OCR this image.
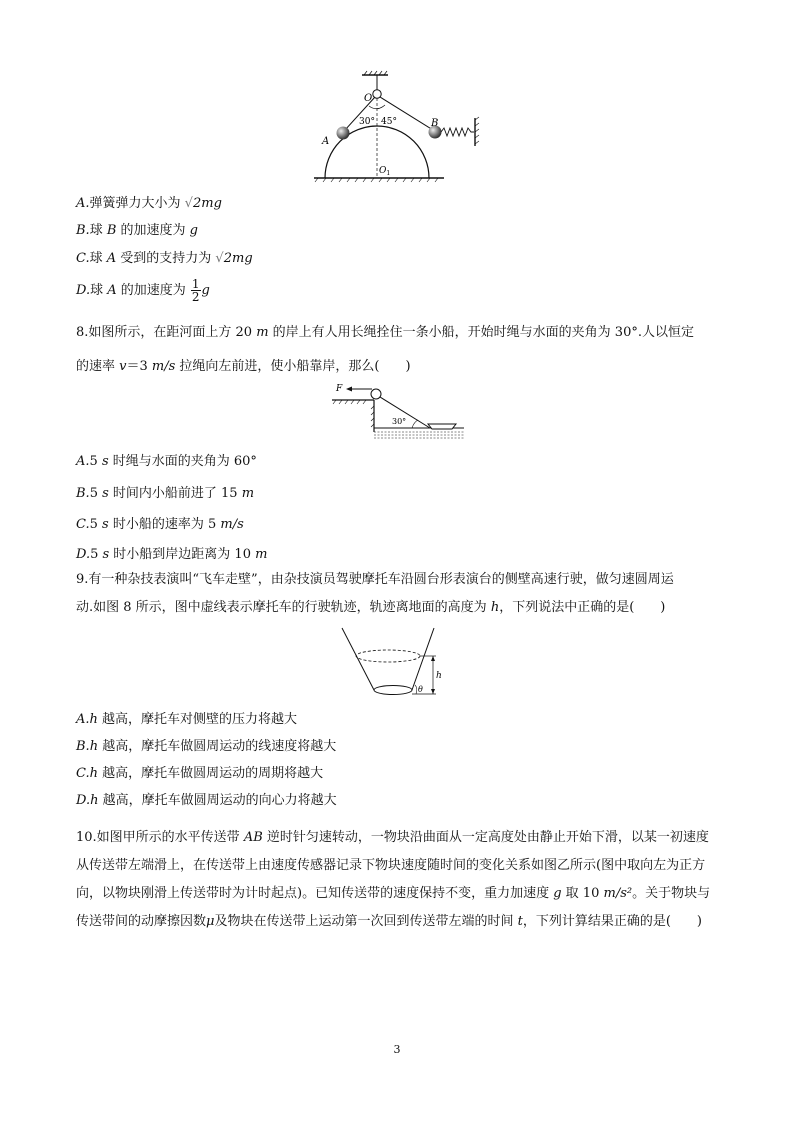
O
A
B
30° 45°
$O_1$
A.弹簧弹力大小为 √2mg
B.球 B 的加速度为 g
C.球 A 受到的支持力为 √2mg
D.球 A 的加速度为 $\frac{1}{2}$ g
8.如图所示，在距河面上方 20 m 的岸上有人用长绳拴住一条小船，开始时绳与水面的夹角为 30°.人以恒定
的速率 v＝3 m/s 拉绳向左前进，使小船靠岸，那么(　　)
F
30°
A.5 s 时绳与水面的夹角为 60°
B.5 s 时间内小船前进了 15 m
C.5 s 时小船的速率为 5 m/s
D.5 s 时小船到岸边距离为 10 m
9.有一种杂技表演叫“飞车走壁”，由杂技演员驾驶摩托车沿圆台形表演台的侧壁高速行驶，做匀速圆周运
动.如图 8 所示，图中虚线表示摩托车的行驶轨迹，轨迹离地面的高度为 h，下列说法中正确的是(　　)
h
θ
A.h 越高，摩托车对侧壁的压力将越大
B.h 越高，摩托车做圆周运动的线速度将越大
C.h 越高，摩托车做圆周运动的周期将越大
D.h 越高，摩托车做圆周运动的向心力将越大
10.如图甲所示的水平传送带 AB 逆时针匀速转动，一物块沿曲面从一定高度处由静止开始下滑，以某一初速度从传送带左端滑上，在传送带上由速度传感器记录下物块速度随时间的变化关系如图乙所示(图中取向左为正方向，以物块刚滑上传送带时为计时起点)。已知传送带的速度保持不变，重力加速度 g 取 10 m/s²。关于物块与传送带间的动摩擦因数μ及物块在传送带上运动第一次回到传送带左端的时间 t，下列计算结果正确的是(　　)
3
